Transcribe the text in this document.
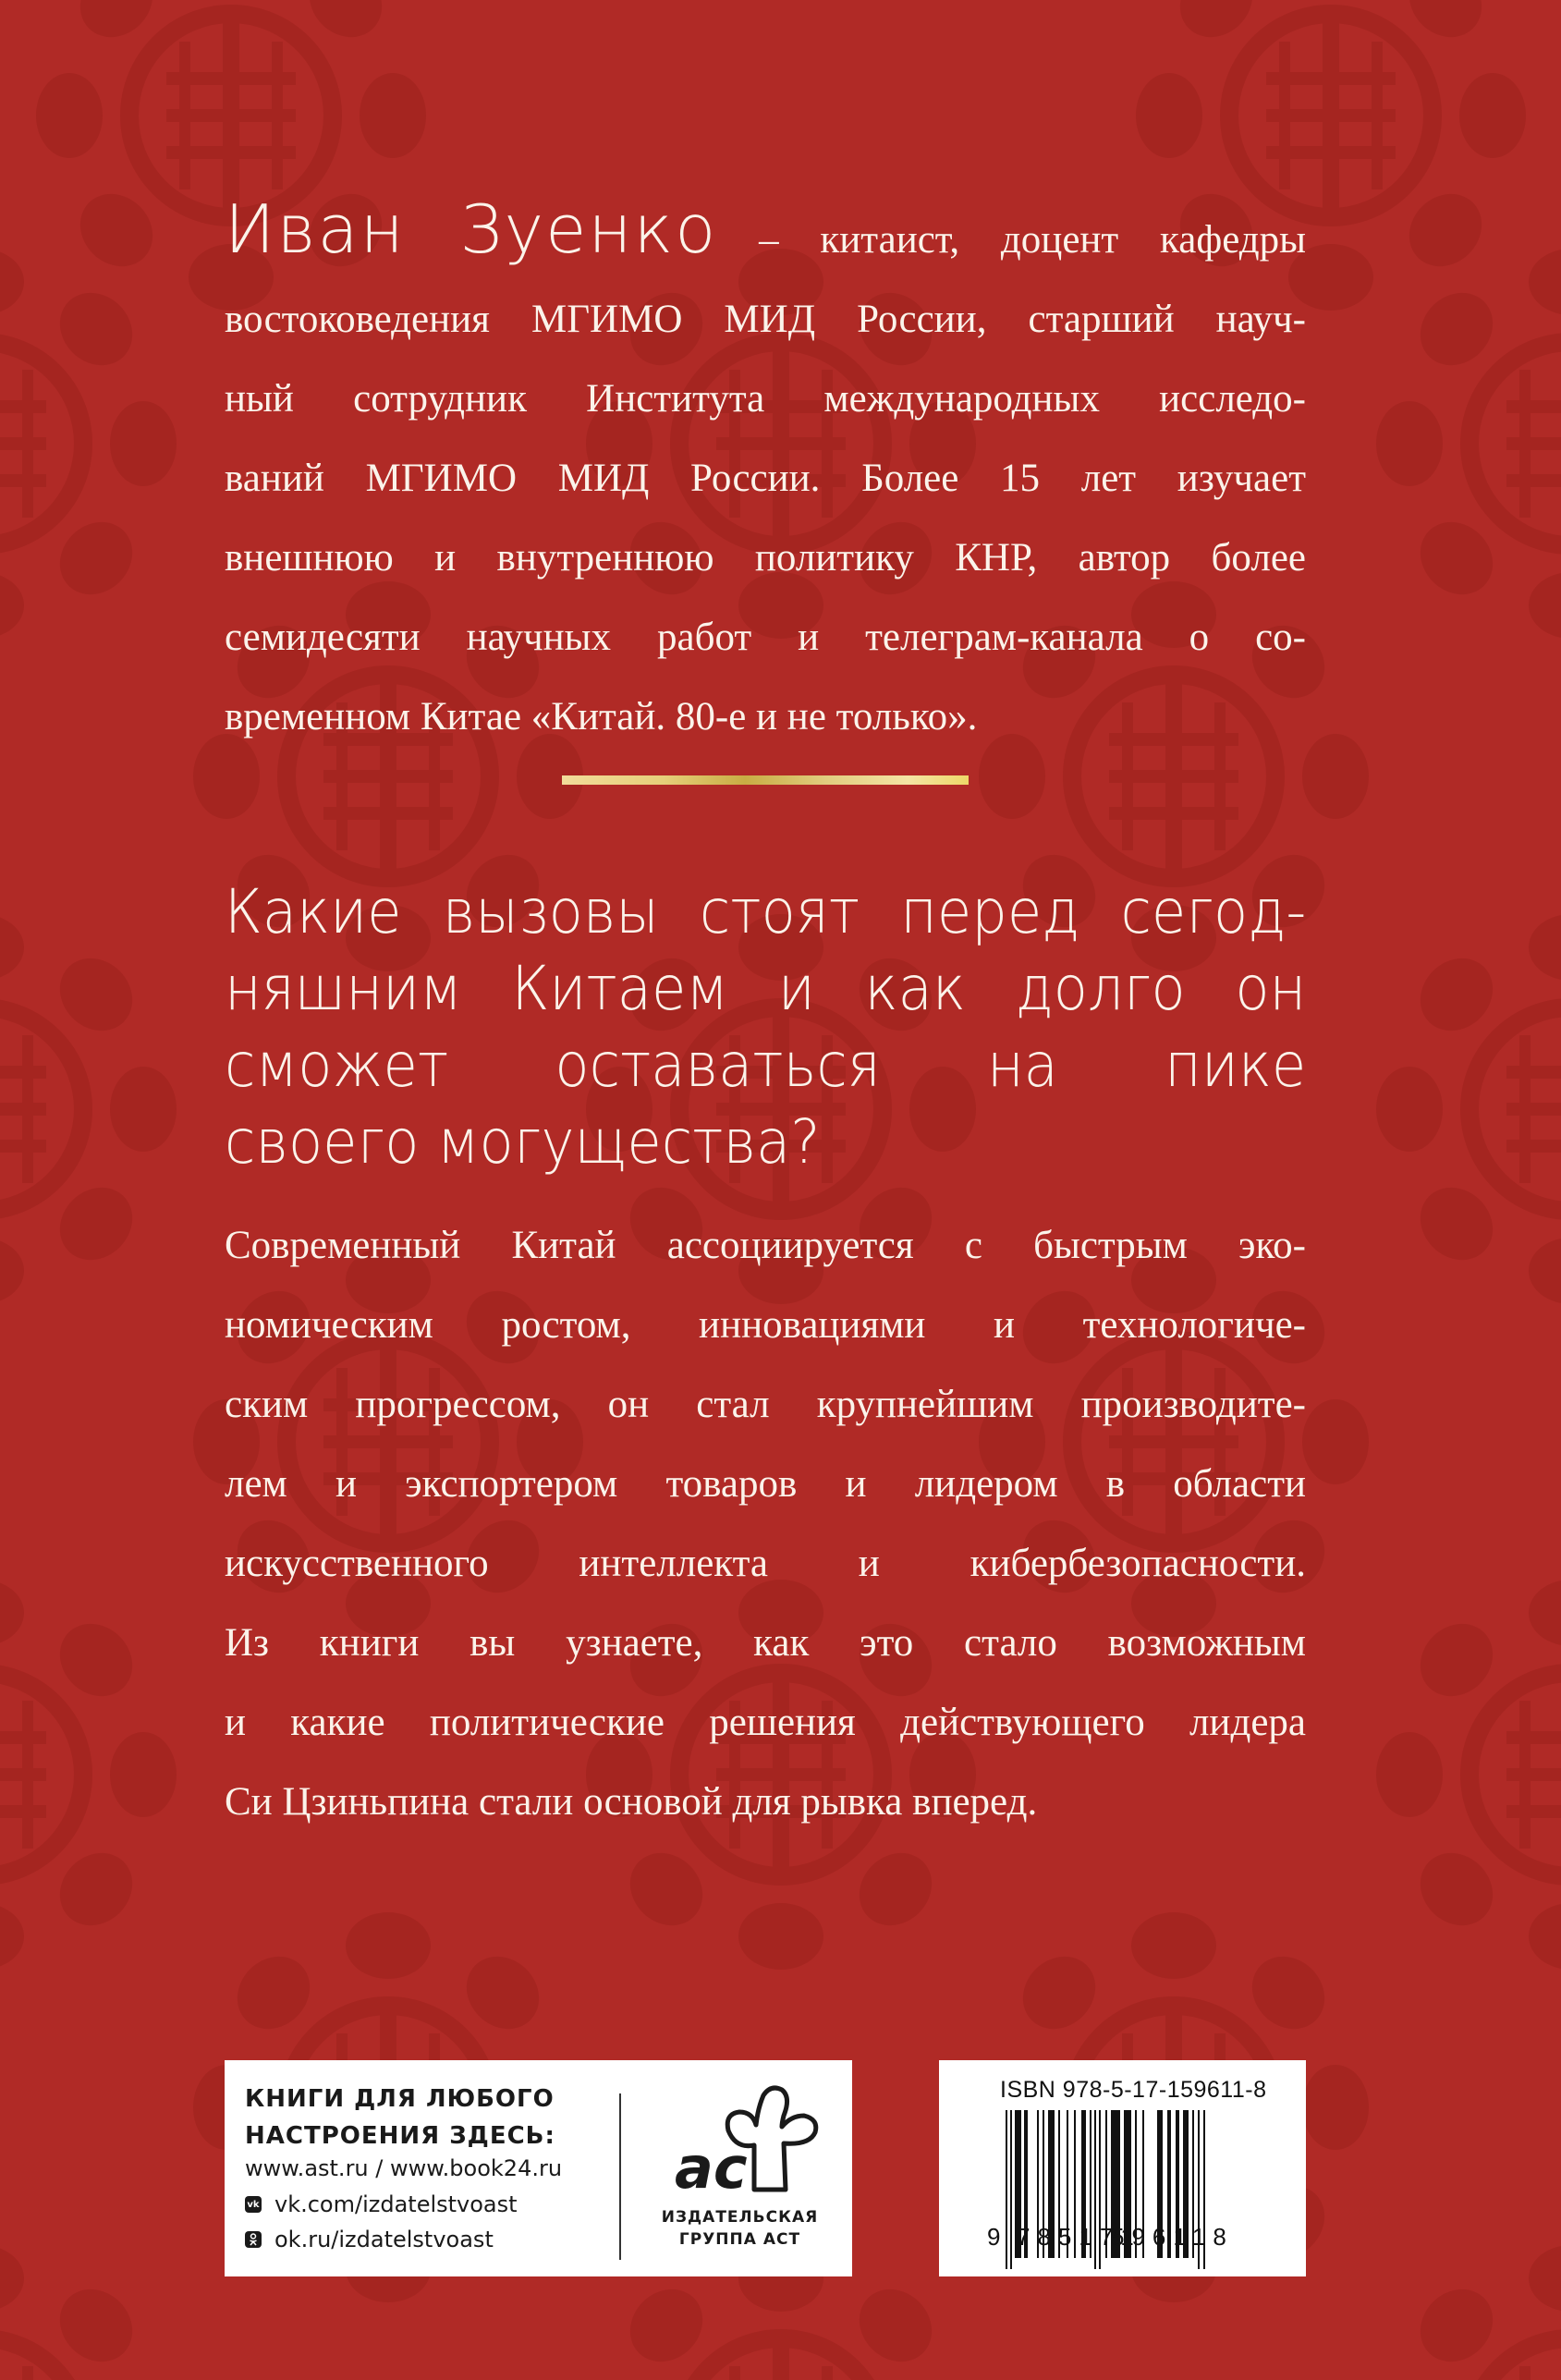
Иван Зуенко – китаист, доцент кафедры
востоковедения МГИМО МИД России, старший науч-
ный сотрудник Института международных исследо-
ваний МГИМО МИД России. Более 15 лет изучает
внешнюю и внутреннюю политику КНР, автор более
семидесяти научных работ и телеграм-канала о со-
временном Китае «Китай. 80-е и не только».
Какие вызовы стоят перед сегод-
няшним Китаем и как долго он
сможет оставаться на пике
своего могущества?
Современный Китай ассоциируется с быстрым эко-
номическим ростом, инновациями и технологиче-
ским прогрессом, он стал крупнейшим производите-
лем и экспортером товаров и лидером в области
искусственного интеллекта и кибербезопасности.
Из книги вы узнаете, как это стало возможным
и какие политические решения действующего лидера
Си Цзиньпина стали основой для рывка вперед.
КНИГИ ДЛЯ ЛЮБОГО
НАСТРОЕНИЯ ЗДЕСЬ:
www.ast.ru / www.book24.ru
vk vk.com/izdatelstvoast
ok.ru/izdatelstvoast
ac
ИЗДАТЕЛЬСКАЯ
ГРУППА АСТ
ISBN 978-5-17-159611-8
9 785171
596118
